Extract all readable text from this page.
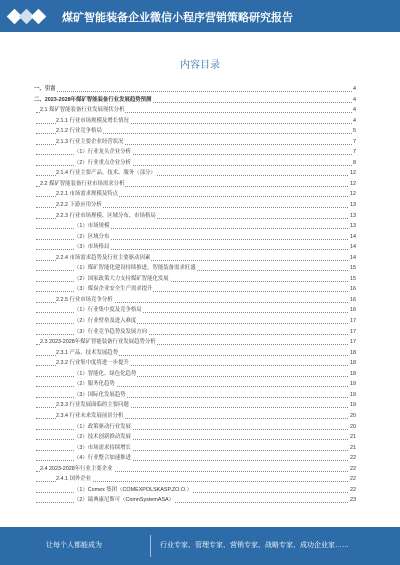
煤矿智能装备企业微信小程序营销策略研究报告
内容目录
一、引言	4
二、2023-2028年煤矿智能装备行业发展趋势预测	4
2.1 煤矿智能装备行业发展现状分析	4
2.1.1 行业市场规模及增长情况	4
2.1.2 行业竞争格局	5
2.1.3 行业主要企业经营状况	7
（1）行业龙头企业分析	7
（2）行业重点企业分析	8
2.1.4 行业主要产品、技术、服务（部分）	12
2.2 煤矿智能装备行业市场需求分析	12
2.2.1 市场需求规模及特点	12
2.2.2 下游应用分析	13
2.2.3 行业市场规模、区域分布、市场格局	13
（1）市场规模	13
（2）区域分布	14
（3）市场格局	14
2.2.4 市场需求趋势及行业主要驱动因素	14
（1）煤矿智能化建设持续推进，智能装备需求旺盛	15
（2）国家政策大力支持煤矿智能化发展	15
（3）煤炭企业安全生产需求提升	16
2.2.5 行业市场竞争分析	16
（1）行业集中度及竞争格局	16
（2）行业壁垒及进入难度	17
（3）行业竞争趋势及发展方向	17
2.3 2023-2028年煤矿智能装备行业发展趋势分析	17
2.3.1 产品、技术发展趋势	18
2.3.2 行业集中度将进一步提升	18
（1）智能化、绿色化趋势	18
（2）服务化趋势	19
（3）国际化发展趋势	19
2.3.3 行业发展面临的主要问题	19
2.3.4 行业未来发展前景分析	20
（1）政策驱动行业发展	20
（2）技术创新推动发展	21
（3）市场需求持续增长	21
（4）行业整合加速推进	22
2.4 2023-2028年行业主要企业	22
2.4.1 国外企业	22
（1）Comex 集团（COMEXPOLSKASP.ZO.O.）	22
（2）瑞典康尼斯可（ComnSystemASA）	23
让每个人都能成为	行业专家、管理专家、营销专家、战略专家、成功企业家……
